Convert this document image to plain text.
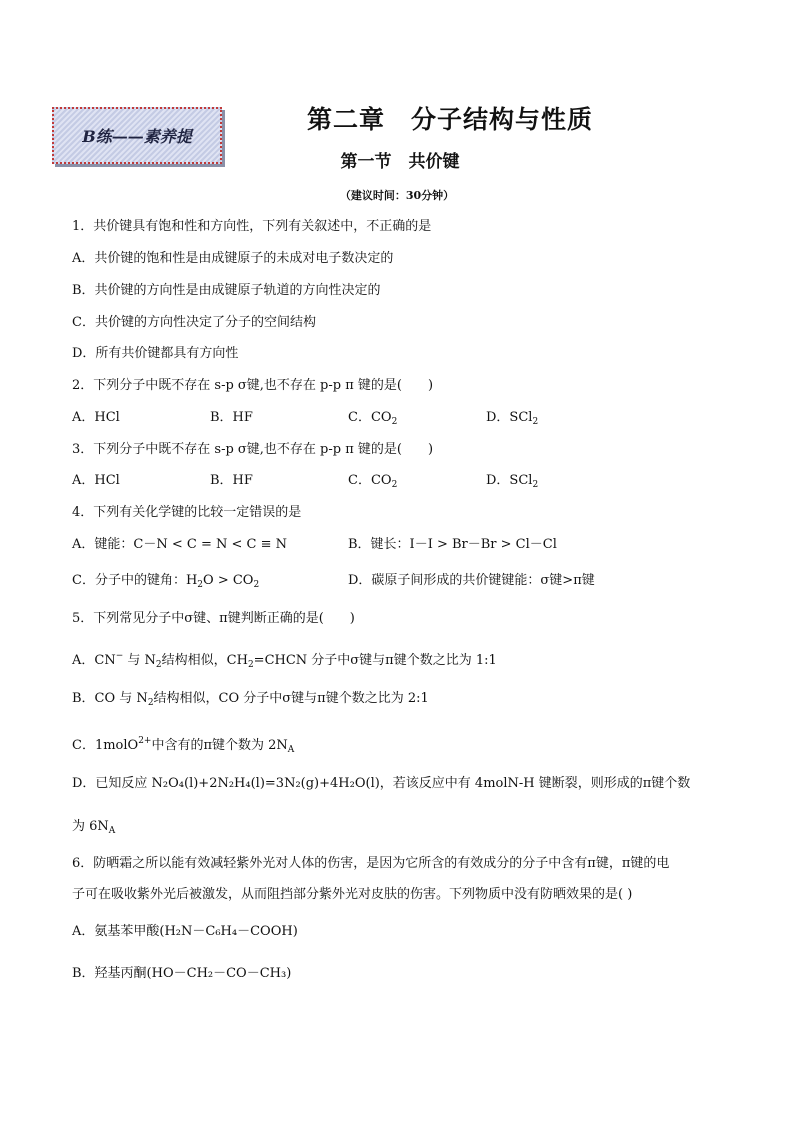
B练——素养提
第二章　分子结构与性质
第一节　共价键
（建议时间：30分钟）
1．共价键具有饱和性和方向性，下列有关叙述中，不正确的是
A．共价键的饱和性是由成键原子的未成对电子数决定的
B．共价键的方向性是由成键原子轨道的方向性决定的
C．共价键的方向性决定了分子的空间结构
D．所有共价键都具有方向性
2．下列分子中既不存在 s-p σ键,也不存在 p-p π 键的是(　　)
A．HCl	B．HF	C．$CO_2$	D．SCl$_2$
3．下列分子中既不存在 s-p σ键,也不存在 p-p π 键的是(　　)
A．HCl	B．HF	C．$CO_2$	D．SCl$_2$
4．下列有关化学键的比较一定错误的是
A．键能：C－N < C = N < C ≡ N	B．键长：I－I > Br－Br > Cl－Cl
C．分子中的键角：$H_2O > CO_2$	D．碳原子间形成的共价键键能：σ键>π键
5．下列常见分子中σ键、π键判断正确的是(　　)
A．CN− 与 $N_2$结构相似，$CH_2=CHCN$ 分子中σ键与π键个数之比为 1:1
B．CO 与 $N_2$结构相似，CO 分子中σ键与π键个数之比为 2:1
C．1molO$^{2+}$中含有的π键个数为 $2N_A$
D．已知反应 N₂O₄(l)+2N₂H₄(l)=3N₂(g)+4H₂O(l)，若该反应中有 4molN-H 键断裂，则形成的π键个数
为 $6N_A$
6．防晒霜之所以能有效减轻紫外光对人体的伤害，是因为它所含的有效成分的分子中含有π键，π键的电
子可在吸收紫外光后被激发，从而阻挡部分紫外光对皮肤的伤害。下列物质中没有防晒效果的是( )
A．氨基苯甲酸(H₂N－C₆H₄－COOH)
B．羟基丙酮(HO－CH₂－CO－CH₃)
